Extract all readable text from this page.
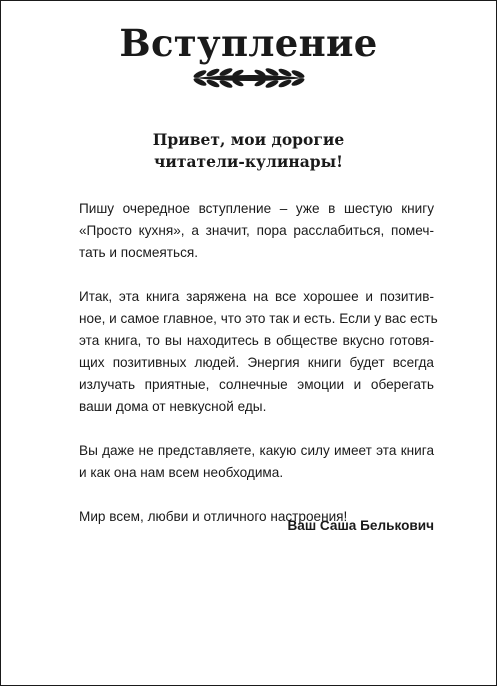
Вступление
Привет, мои дорогие
читатели-кулинары!

Пишу очередное вступление – уже в шестую книгу
«Просто кухня», а значит, пора расслабиться, помеч-
тать и посмеяться.

Итак, эта книга заряжена на все хорошее и позитив-
ное, и самое главное, что это так и есть. Если у вас есть
эта книга, то вы находитесь в обществе вкусно готовя-
щих позитивных людей. Энергия книги будет всегда
излучать приятные, солнечные эмоции и оберегать
ваши дома от невкусной еды.

Вы даже не представляете, какую силу имеет эта книга
и как она нам всем необходима.

Мир всем, любви и отличного настроения!

Ваш Саша Белькович
